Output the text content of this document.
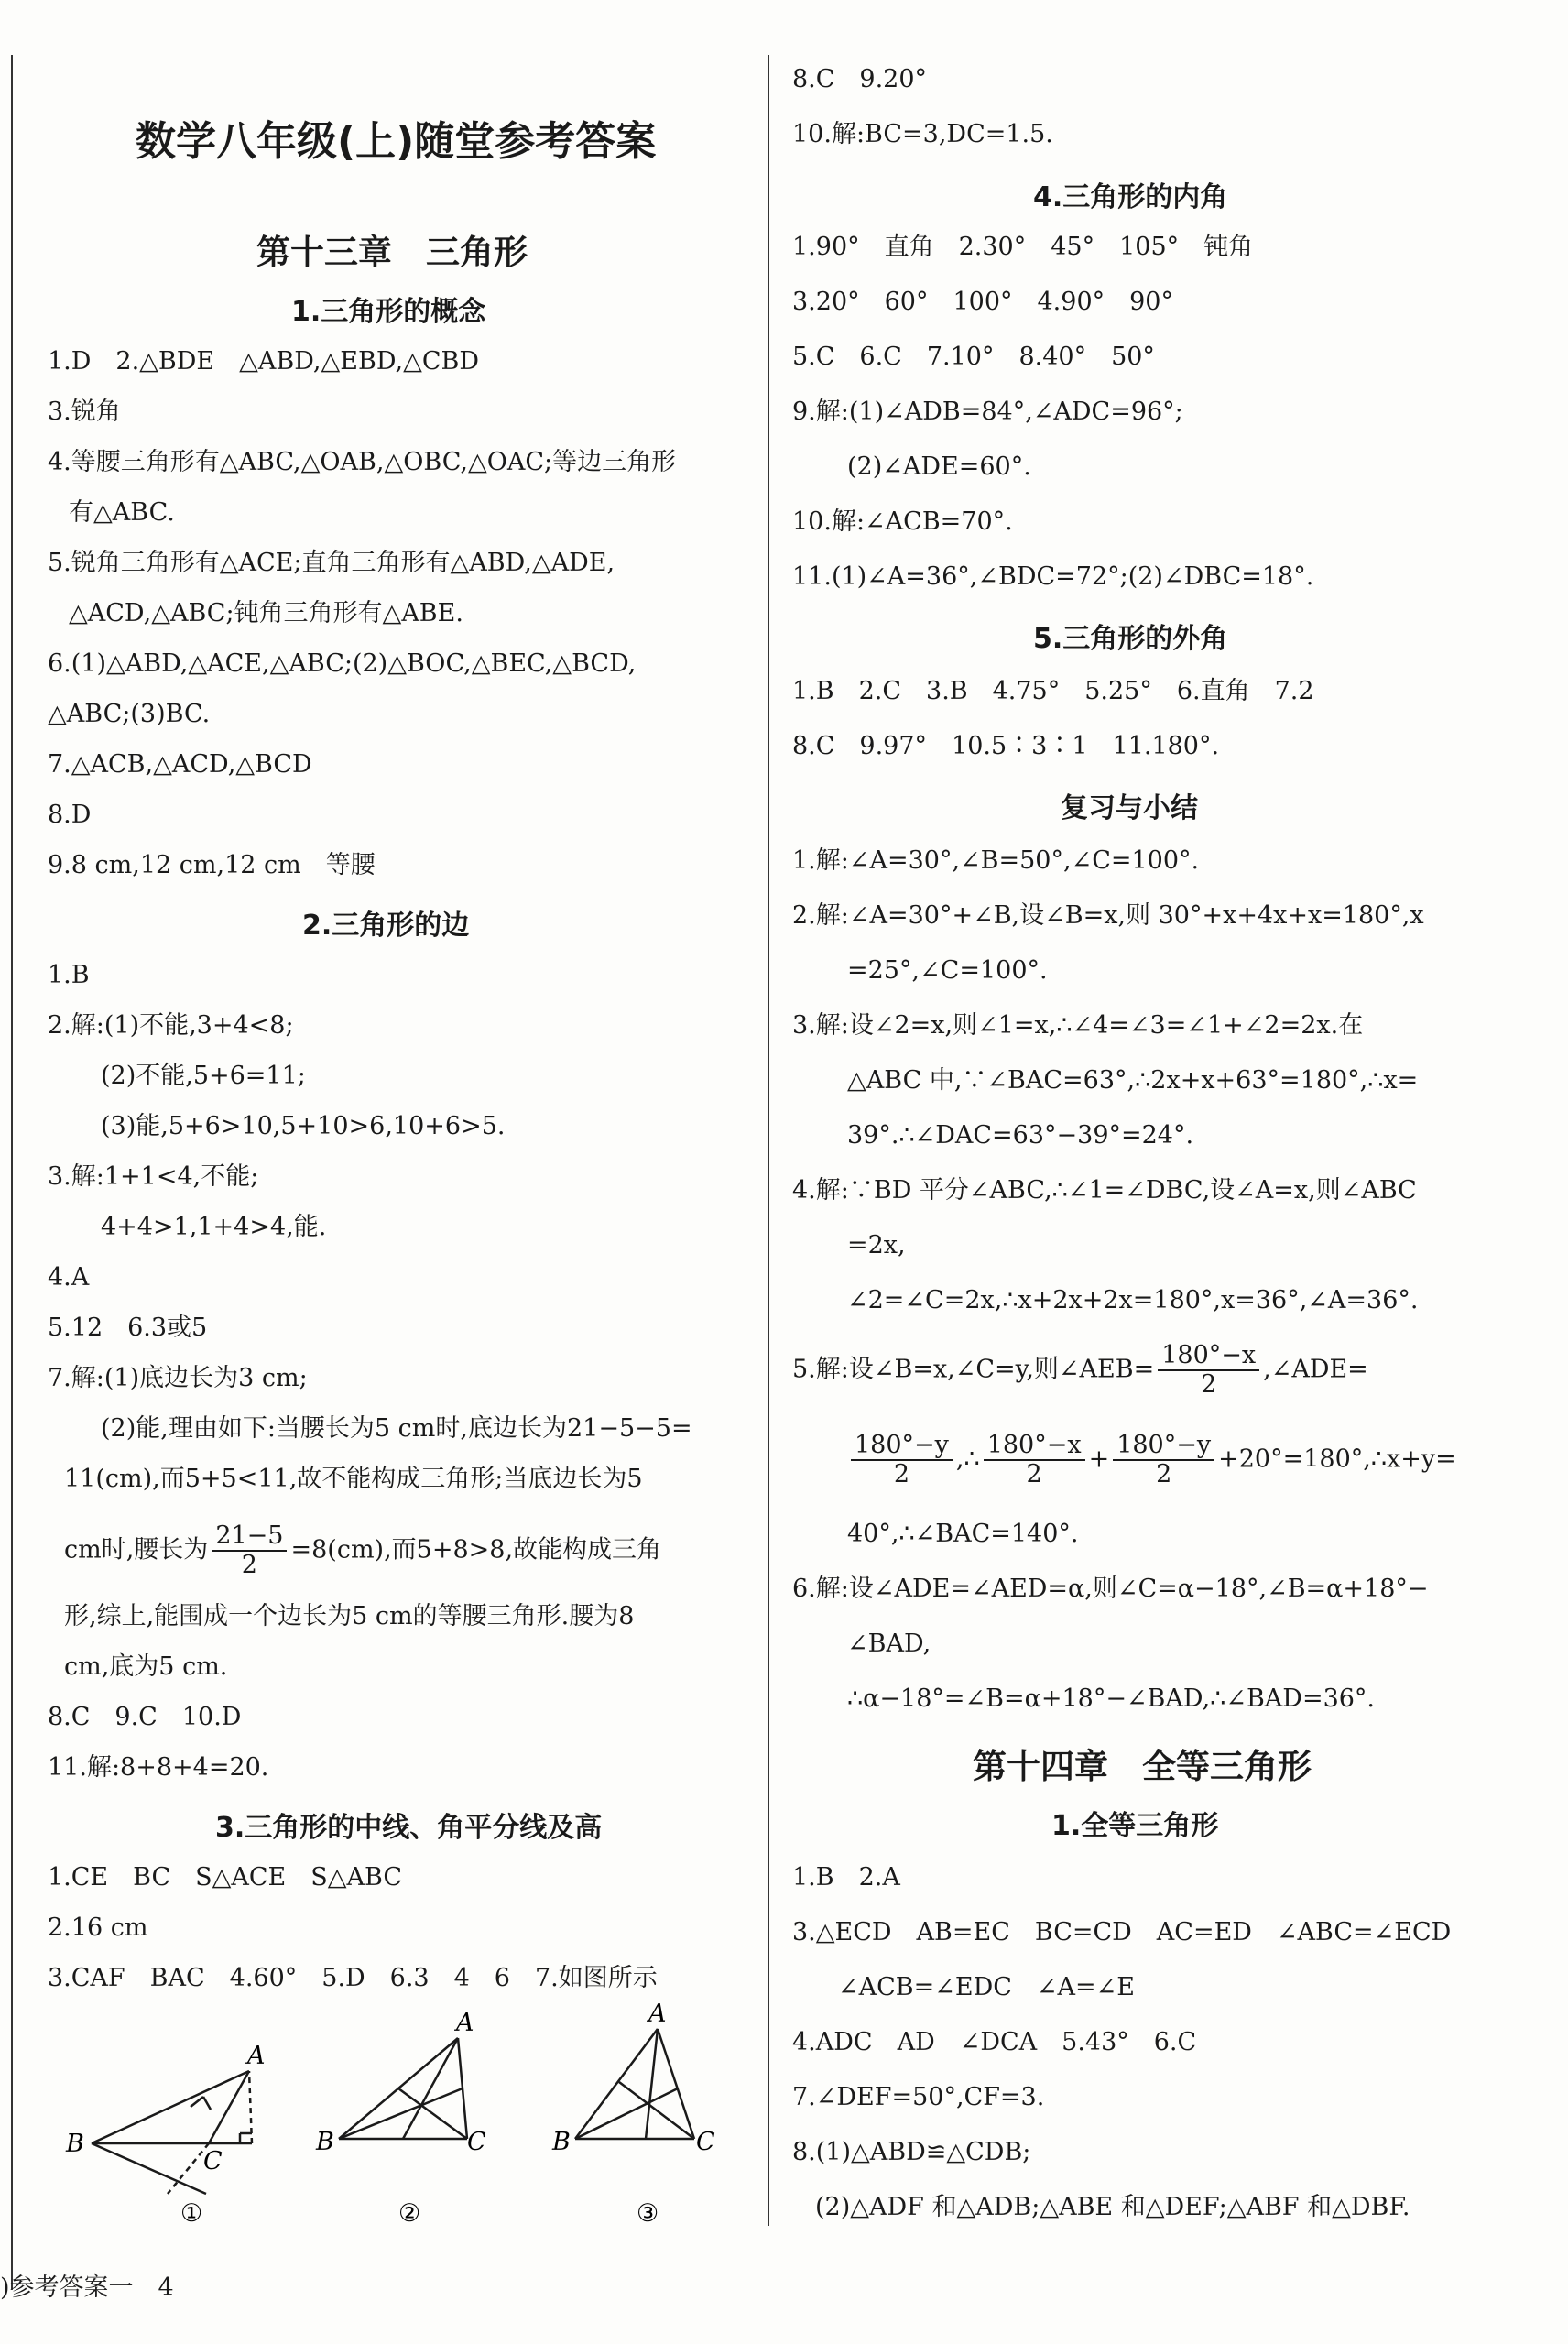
数学八年级(上)随堂参考答案
第十三章　三角形
1.三角形的概念
1.D　2.△BDE　△ABD,△EBD,△CBD
3.锐角
4.等腰三角形有△ABC,△OAB,△OBC,△OAC;等边三角形
有△ABC.
5.锐角三角形有△ACE;直角三角形有△ABD,△ADE,
△ACD,△ABC;钝角三角形有△ABE.
6.(1)△ABD,△ACE,△ABC;(2)△BOC,△BEC,△BCD,
△ABC;(3)BC.
7.△ACB,△ACD,△BCD
8.D
9.8 cm,12 cm,12 cm　等腰
2.三角形的边
1.B
2.解:(1)不能,3+4<8;
(2)不能,5+6=11;
(3)能,5+6>10,5+10>6,10+6>5.
3.解:1+1<4,不能;
4+4>1,1+4>4,能.
4.A
5.12　6.3或5
7.解:(1)底边长为3 cm;
(2)能,理由如下:当腰长为5 cm时,底边长为21−5−5=
11(cm),而5+5<11,故不能构成三角形;当底边长为5
cm时,腰长为 $\frac{21-5}{2} =8(cm)$,而5+8>8,故能构成三角
形,综上,能围成一个边长为5 cm的等腰三角形.腰为8
cm,底为5 cm.
8.C　9.C　10.D
11.解:8+8+4=20.
3.三角形的中线、角平分线及高
1.CE　BC　S△ACE　S△ABC
2.16 cm
3.CAF　BAC　4.60°　5.D　6.3　4　6　7.如图所示
A
B
C
①
A
B	C
②
A
B	C
③
)参考答案一　4
8.C　9.20°
10.解:BC=3,DC=1.5.
4.三角形的内角
1.90°　直角　2.30°　45°　105°　钝角
3.20°　60°　100°　4.90°　90°
5.C　6.C　7.10°　8.40°　50°
9.解:(1)∠ADB=84°,∠ADC=96°;
(2)∠ADE=60°.
10.解:∠ACB=70°.
11.(1)∠A=36°,∠BDC=72°;(2)∠DBC=18°.
5.三角形的外角
1.B　2.C　3.B　4.75°　5.25°　6.直角　7.2
8.C　9.97°　10.5∶3∶1　11.180°.
复习与小结
1.解:∠A=30°,∠B=50°,∠C=100°.
2.解:∠A=30°+∠B,设∠B=x,则 30°+x+4x+x=180°,x
=25°,∠C=100°.
3.解:设∠2=x,则∠1=x,∴∠4=∠3=∠1+∠2=2x.在
△ABC 中,∵∠BAC=63°,∴2x+x+63°=180°,∴x=
39°.∴∠DAC=63°−39°=24°.
4.解:∵BD 平分∠ABC,∴∠1=∠DBC,设∠A=x,则∠ABC
=2x,
∠2=∠C=2x,∴x+2x+2x=180°,x=36°,∠A=36°.
5.解:设∠B=x,∠C=y,则∠AEB= $\frac{180^\circ-x}{2}$ ,∠ADE=
$\frac{180^\circ-y}{2}$ ,∴ $\frac{180^\circ-x}{2} + \frac{180^\circ-y}{2}$ +20°=180°,∴x+y=
40°,∴∠BAC=140°.
6.解:设∠ADE=∠AED=α,则∠C=α−18°,∠B=α+18°−
∠BAD,
∴α−18°=∠B=α+18°−∠BAD,∴∠BAD=36°.
第十四章　全等三角形
1.全等三角形
1.B　2.A
3.△ECD　AB=EC　BC=CD　AC=ED　∠ABC=∠ECD
∠ACB=∠EDC　∠A=∠E
4.ADC　AD　∠DCA　5.43°　6.C
7.∠DEF=50°,CF=3.
8.(1)△ABD≌△CDB;
(2)△ADF 和△ADB;△ABE 和△DEF;△ABF 和△DBF.
